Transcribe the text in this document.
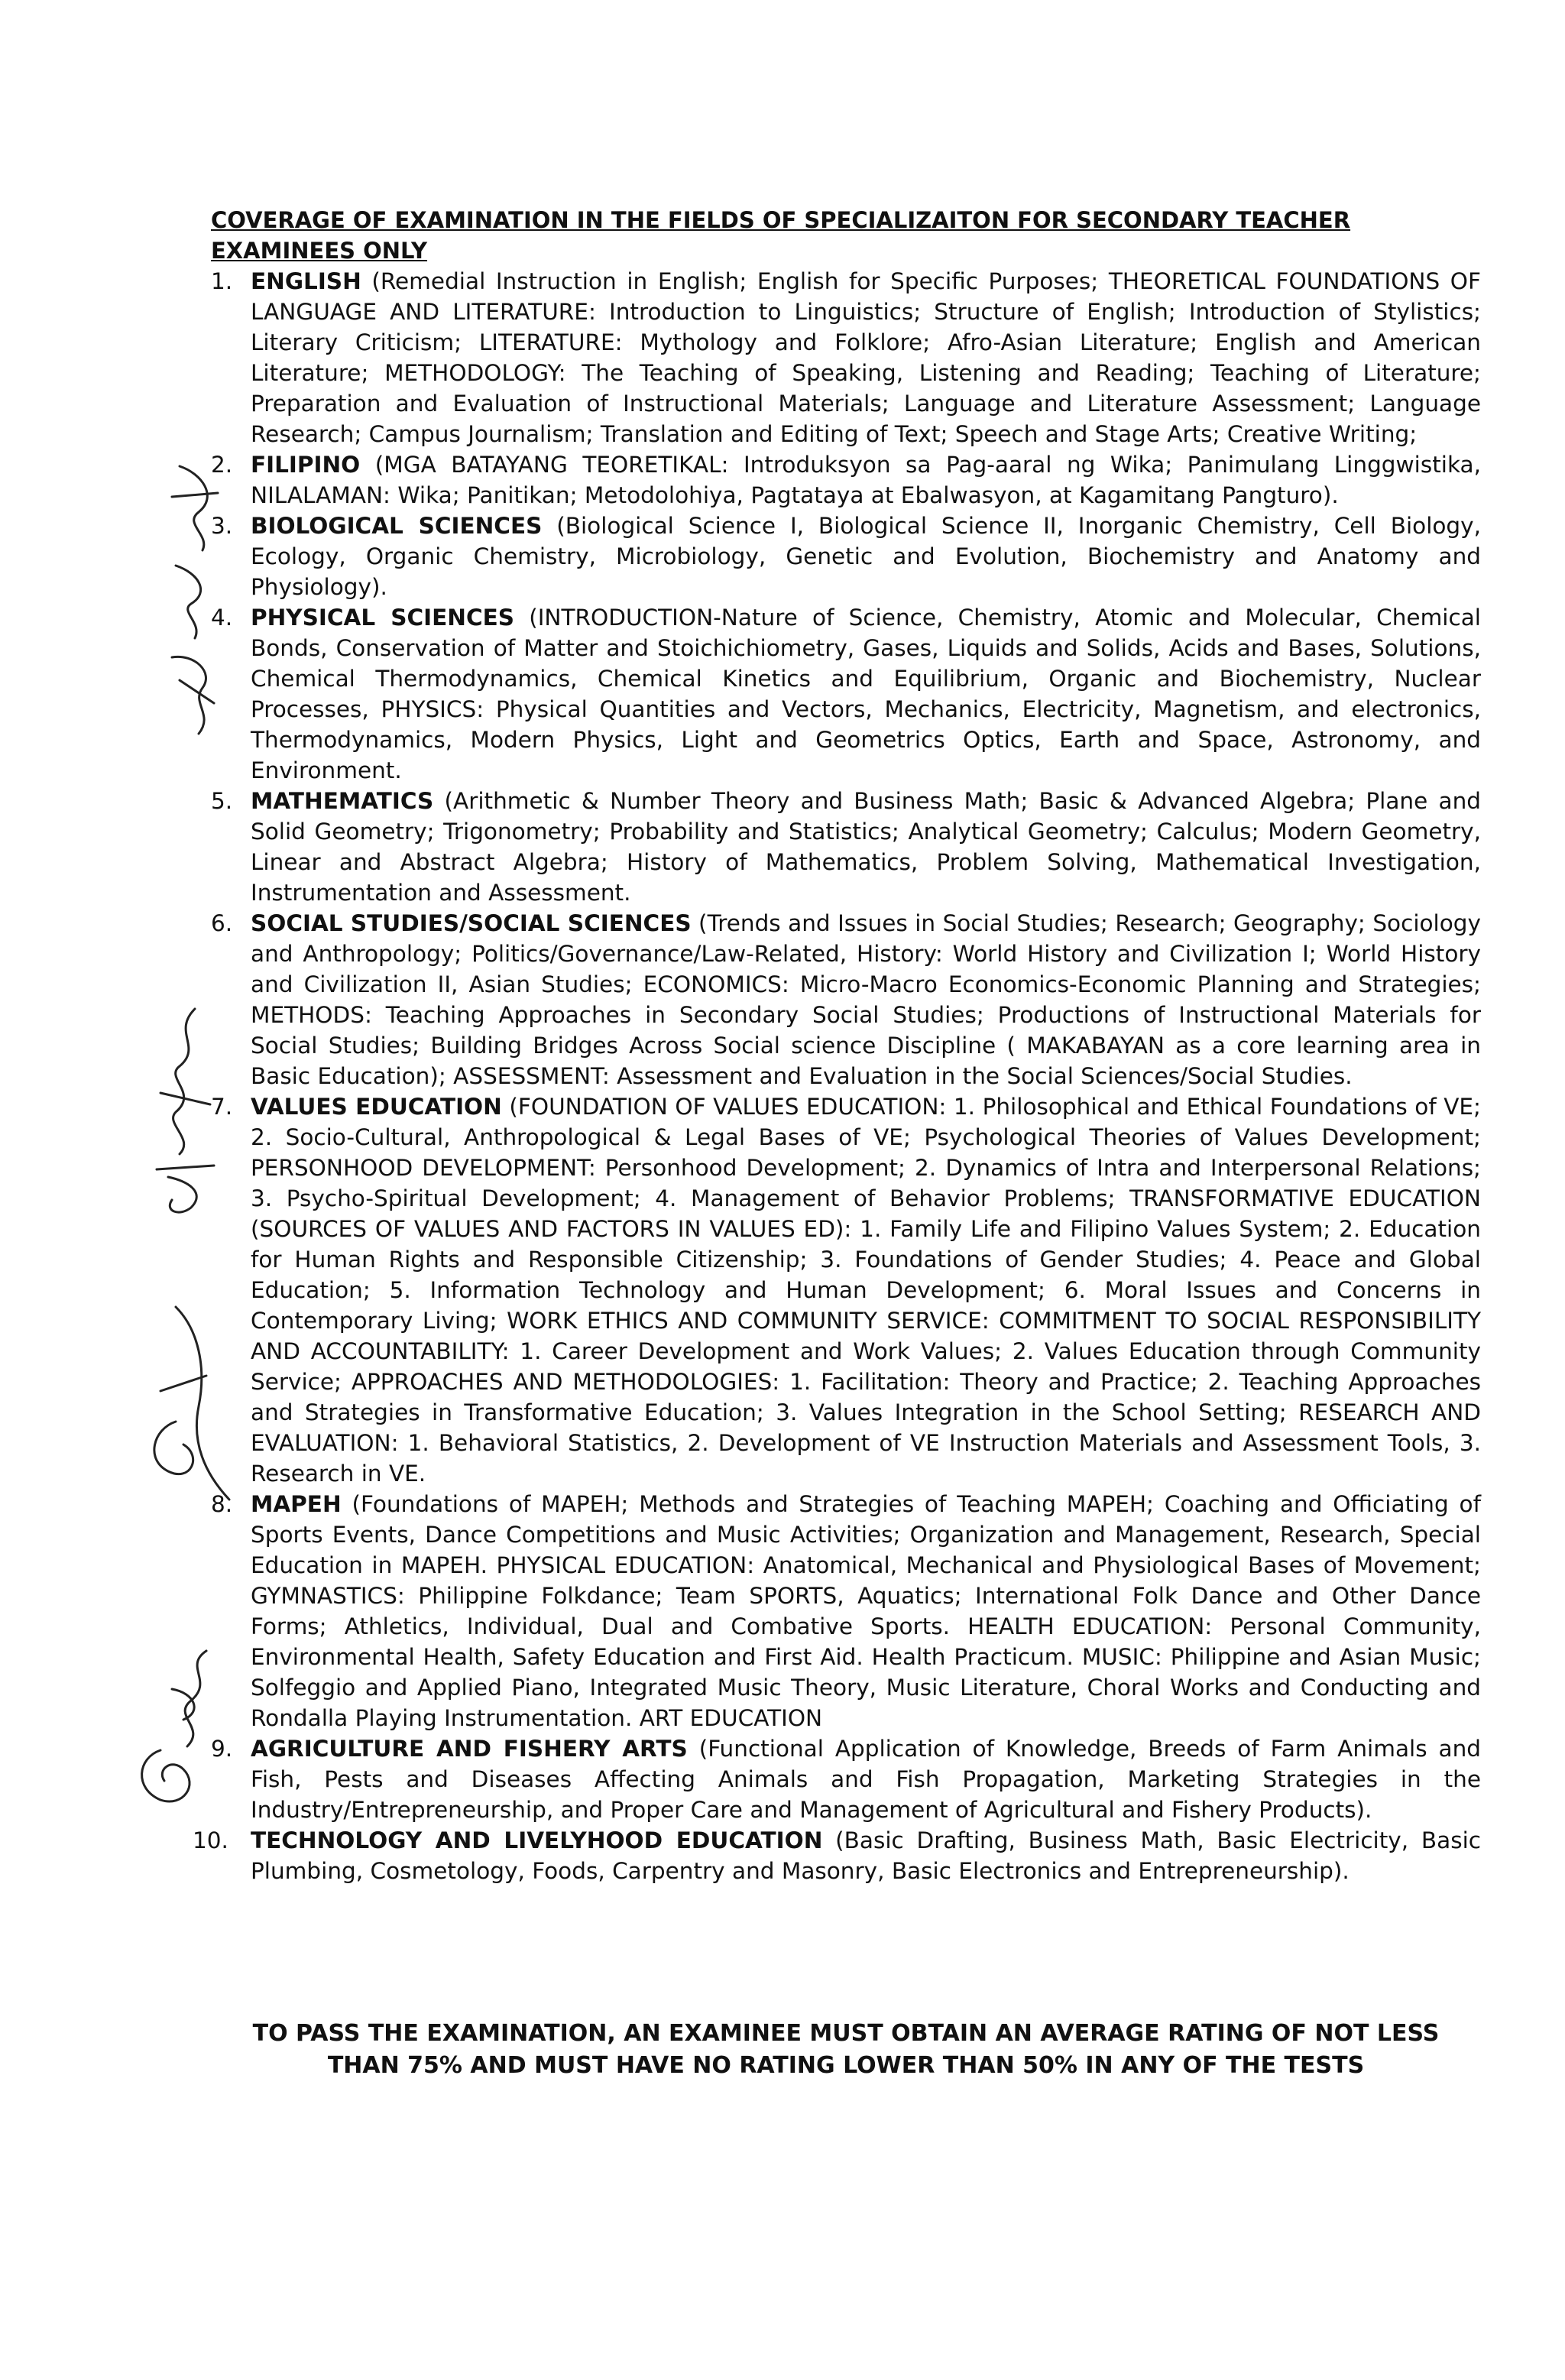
COVERAGE OF EXAMINATION IN THE FIELDS OF SPECIALIZAITON FOR SECONDARY TEACHER EXAMINEES ONLY

1. ENGLISH (Remedial Instruction in English; English for Specific Purposes; THEORETICAL FOUNDATIONS OF LANGUAGE AND LITERATURE: Introduction to Linguistics; Structure of English; Introduction of Stylistics; Literary Criticism; LITERATURE: Mythology and Folklore; Afro-Asian Literature; English and American Literature; METHODOLOGY: The Teaching of Speaking, Listening and Reading; Teaching of Literature; Preparation and Evaluation of Instructional Materials; Language and Literature Assessment; Language Research; Campus Journalism; Translation and Editing of Text; Speech and Stage Arts; Creative Writing;
2. FILIPINO (MGA BATAYANG TEORETIKAL: Introduksyon sa Pag-aaral ng Wika; Panimulang Linggwistika, NILALAMAN: Wika; Panitikan; Metodolohiya, Pagtataya at Ebalwasyon, at Kagamitang Pangturo).
3. BIOLOGICAL SCIENCES (Biological Science I, Biological Science II, Inorganic Chemistry, Cell Biology, Ecology, Organic Chemistry, Microbiology, Genetic and Evolution, Biochemistry and Anatomy and Physiology).
4. PHYSICAL SCIENCES (INTRODUCTION-Nature of Science, Chemistry, Atomic and Molecular, Chemical Bonds, Conservation of Matter and Stoichichiometry, Gases, Liquids and Solids, Acids and Bases, Solutions, Chemical Thermodynamics, Chemical Kinetics and Equilibrium, Organic and Biochemistry, Nuclear Processes, PHYSICS: Physical Quantities and Vectors, Mechanics, Electricity, Magnetism, and electronics, Thermodynamics, Modern Physics, Light and Geometrics Optics, Earth and Space, Astronomy, and Environment.
5. MATHEMATICS (Arithmetic & Number Theory and Business Math; Basic & Advanced Algebra; Plane and Solid Geometry; Trigonometry; Probability and Statistics; Analytical Geometry; Calculus; Modern Geometry, Linear and Abstract Algebra; History of Mathematics, Problem Solving, Mathematical Investigation, Instrumentation and Assessment.
6. SOCIAL STUDIES/SOCIAL SCIENCES (Trends and Issues in Social Studies; Research; Geography; Sociology and Anthropology; Politics/Governance/Law-Related, History: World History and Civilization I; World History and Civilization II, Asian Studies; ECONOMICS: Micro-Macro Economics-Economic Planning and Strategies; METHODS: Teaching Approaches in Secondary Social Studies; Productions of Instructional Materials for Social Studies; Building Bridges Across Social science Discipline ( MAKABAYAN as a core learning area in Basic Education); ASSESSMENT: Assessment and Evaluation in the Social Sciences/Social Studies.
7. VALUES EDUCATION (FOUNDATION OF VALUES EDUCATION: 1. Philosophical and Ethical Foundations of VE; 2. Socio-Cultural, Anthropological & Legal Bases of VE; Psychological Theories of Values Development; PERSONHOOD DEVELOPMENT: Personhood Development; 2. Dynamics of Intra and Interpersonal Relations; 3. Psycho-Spiritual Development; 4. Management of Behavior Problems; TRANSFORMATIVE EDUCATION (SOURCES OF VALUES AND FACTORS IN VALUES ED): 1. Family Life and Filipino Values System; 2. Education for Human Rights and Responsible Citizenship; 3. Foundations of Gender Studies; 4. Peace and Global Education; 5. Information Technology and Human Development; 6. Moral Issues and Concerns in Contemporary Living; WORK ETHICS AND COMMUNITY SERVICE: COMMITMENT TO SOCIAL RESPONSIBILITY AND ACCOUNTABILITY: 1. Career Development and Work Values; 2. Values Education through Community Service; APPROACHES AND METHODOLOGIES: 1. Facilitation: Theory and Practice; 2. Teaching Approaches and Strategies in Transformative Education; 3. Values Integration in the School Setting; RESEARCH AND EVALUATION: 1. Behavioral Statistics, 2. Development of VE Instruction Materials and Assessment Tools, 3. Research in VE.
8. MAPEH (Foundations of MAPEH; Methods and Strategies of Teaching MAPEH; Coaching and Officiating of Sports Events, Dance Competitions and Music Activities; Organization and Management, Research, Special Education in MAPEH. PHYSICAL EDUCATION: Anatomical, Mechanical and Physiological Bases of Movement; GYMNASTICS: Philippine Folkdance; Team SPORTS, Aquatics; International Folk Dance and Other Dance Forms; Athletics, Individual, Dual and Combative Sports. HEALTH EDUCATION: Personal Community, Environmental Health, Safety Education and First Aid. Health Practicum. MUSIC: Philippine and Asian Music; Solfeggio and Applied Piano, Integrated Music Theory, Music Literature, Choral Works and Conducting and Rondalla Playing Instrumentation. ART EDUCATION
9. AGRICULTURE AND FISHERY ARTS (Functional Application of Knowledge, Breeds of Farm Animals and Fish, Pests and Diseases Affecting Animals and Fish Propagation, Marketing Strategies in the Industry/Entrepreneurship, and Proper Care and Management of Agricultural and Fishery Products).
10. TECHNOLOGY AND LIVELYHOOD EDUCATION (Basic Drafting, Business Math, Basic Electricity, Basic Plumbing, Cosmetology, Foods, Carpentry and Masonry, Basic Electronics and Entrepreneurship).
TO PASS THE EXAMINATION, AN EXAMINEE MUST OBTAIN AN AVERAGE RATING OF NOT LESS
THAN 75% AND MUST HAVE NO RATING LOWER THAN 50% IN ANY OF THE TESTS
